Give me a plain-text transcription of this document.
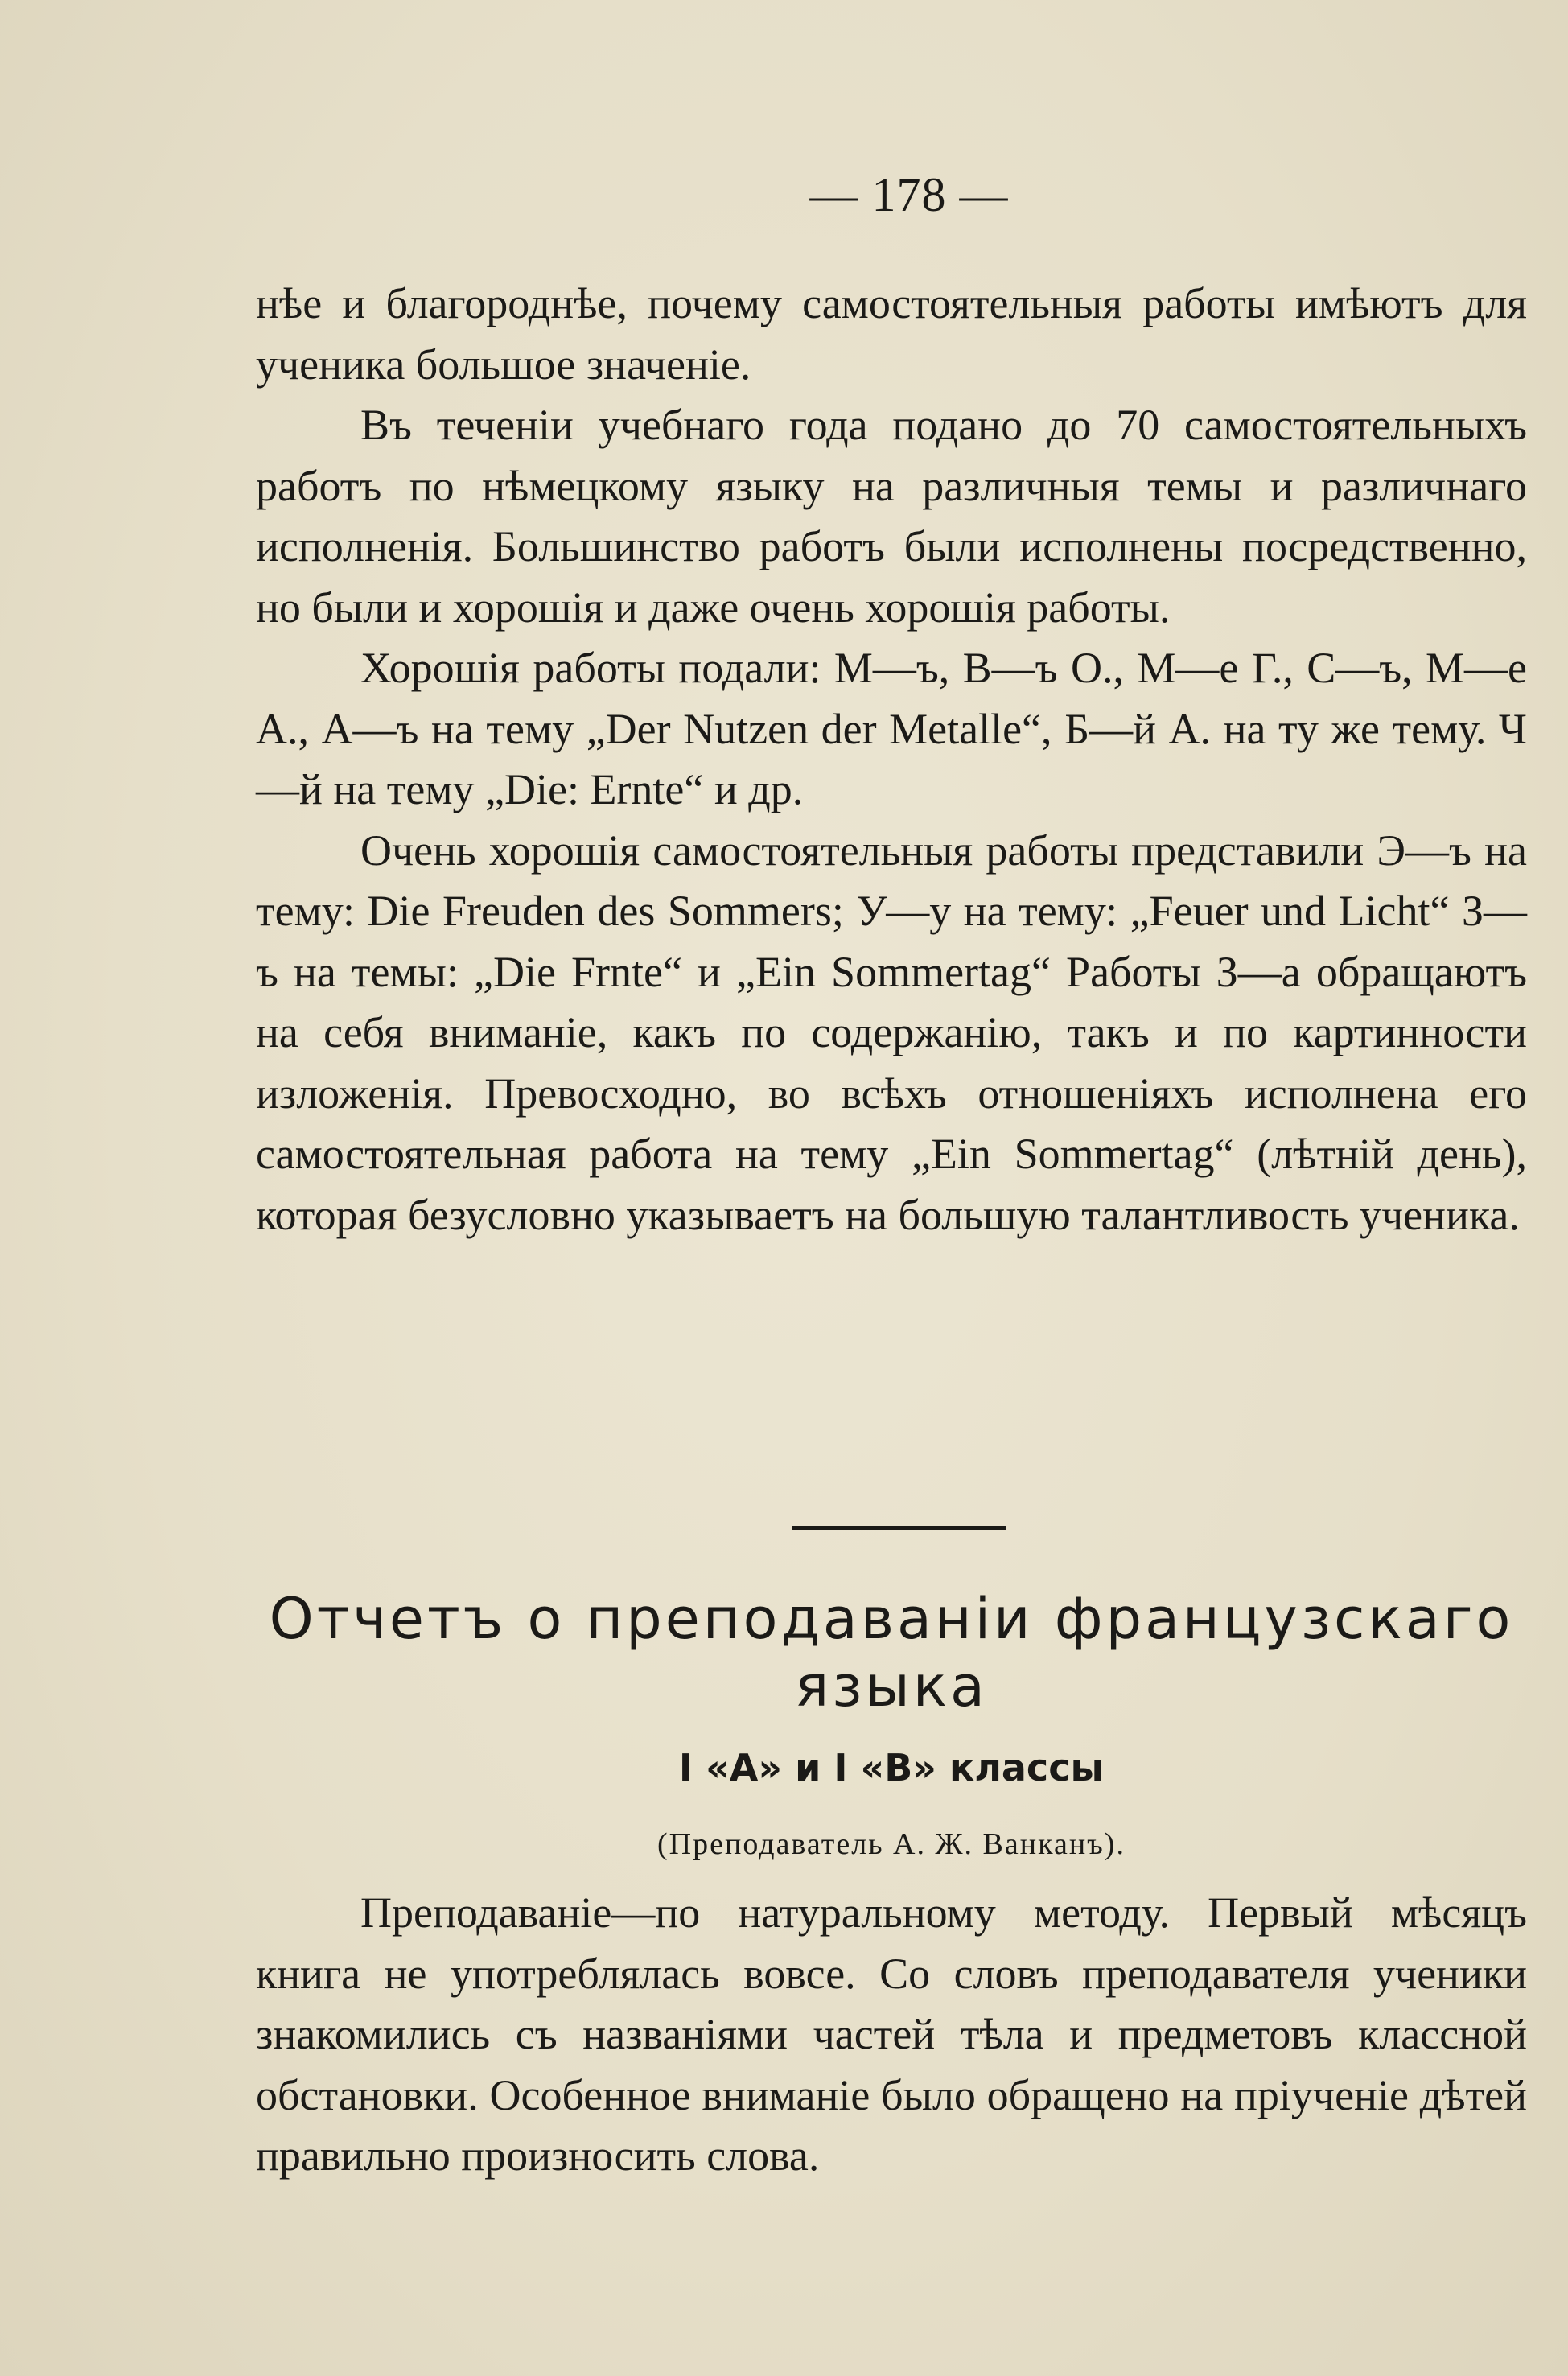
— 178 —

нѣе и благороднѣе, почему самостоятельныя работы имѣютъ для ученика большое значенiе.

Въ теченiи учебнаго года подано до 70 самостоятельныхъ работъ по нѣмецкому языку на различныя темы и различнаго исполненiя. Большинство работъ были исполнены посредственно, но были и хорошiя и даже очень хорошiя работы.

Хорошiя работы подали: М—ъ, В—ъ О., М—е Г., С—ъ, М—е А., А—ъ на тему „Der Nutzen der Metalle“, Б—й А. на ту же тему. Ч—й на тему „Die: Ernte“ и др.

Очень хорошiя самостоятельныя работы представили Э—ъ на тему: Die Freuden des Sommers; У—у на тему: „Feuer und Licht“ З—ъ на темы: „Die Frnte“ и „Ein Sommertag“ Работы З—а обращаютъ на себя вниманiе, какъ по содержанiю, такъ и по картинности изложенiя. Превосходно, во всѣхъ отношенiяхъ исполнена его самостоятельная работа на тему „Ein Sommertag“ (лѣтнiй день), которая безусловно указываетъ на большую талантливость ученика.

Отчетъ о преподаванiи французскаго языка
I «А» и I «В» классы

(Преподаватель А. Ж. Ванканъ).

Преподаванiе—по натуральному методу. Первый мѣсяцъ книга не употреблялась вовсе. Со словъ преподавателя ученики знакомились съ названiями частей тѣла и предметовъ классной обстановки. Особенное вниманiе было обращено на прiученiе дѣтей правильно произносить слова.
